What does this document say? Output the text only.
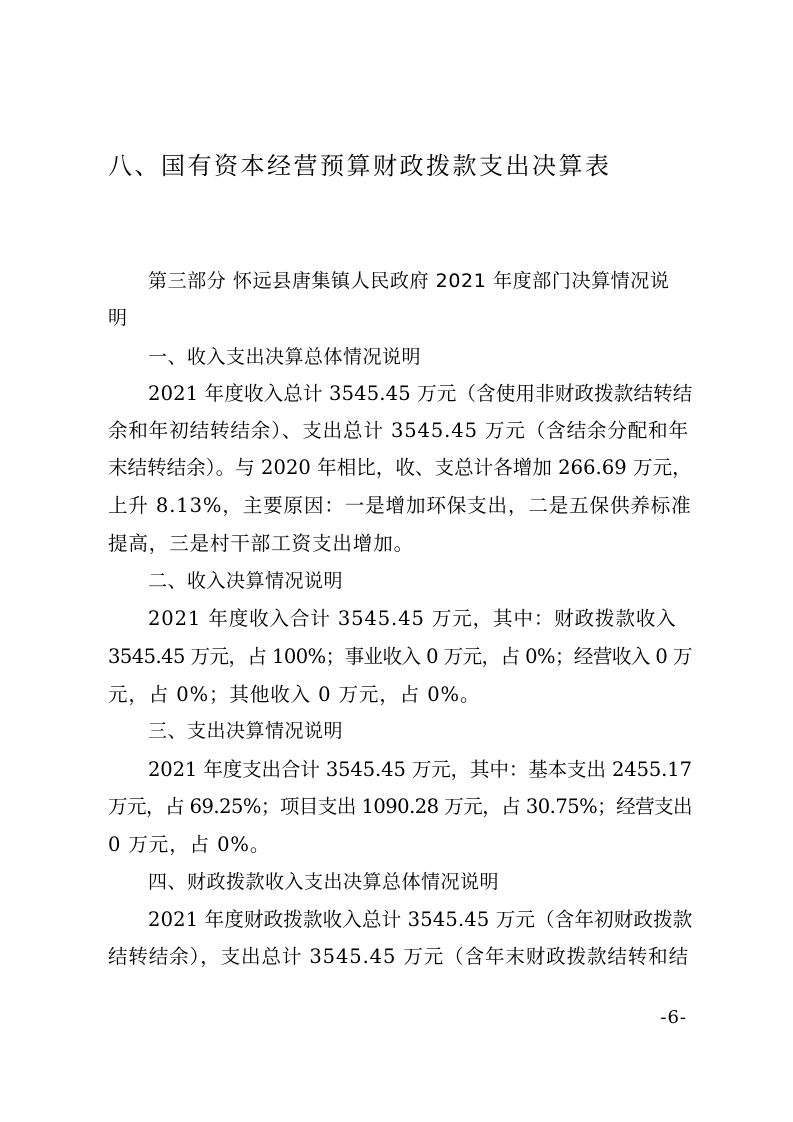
八、国有资本经营预算财政拨款支出决算表
第三部分 怀远县唐集镇人民政府 2021 年度部门决算情况说
明
一、收入支出决算总体情况说明
2021 年度收入总计 3545.45 万元（含使用非财政拨款结转结
余和年初结转结余）、支出总计 3545.45 万元（含结余分配和年
末结转结余）。与 2020 年相比，收、支总计各增加 266.69 万元，
上升 8.13%，主要原因：一是增加环保支出，二是五保供养标准
提高，三是村干部工资支出增加。
二、收入决算情况说明
2021 年度收入合计 3545.45 万元，其中：财政拨款收入
3545.45 万元，占 100%；事业收入 0 万元，占 0%；经营收入 0 万
元，占 0%；其他收入 0 万元，占 0%。
三、支出决算情况说明
2021 年度支出合计 3545.45 万元，其中：基本支出 2455.17
万元，占 69.25%；项目支出 1090.28 万元，占 30.75%；经营支出
0 万元，占 0%。
四、财政拨款收入支出决算总体情况说明
2021 年度财政拨款收入总计 3545.45 万元（含年初财政拨款
结转结余），支出总计 3545.45 万元（含年末财政拨款结转和结
-6-
